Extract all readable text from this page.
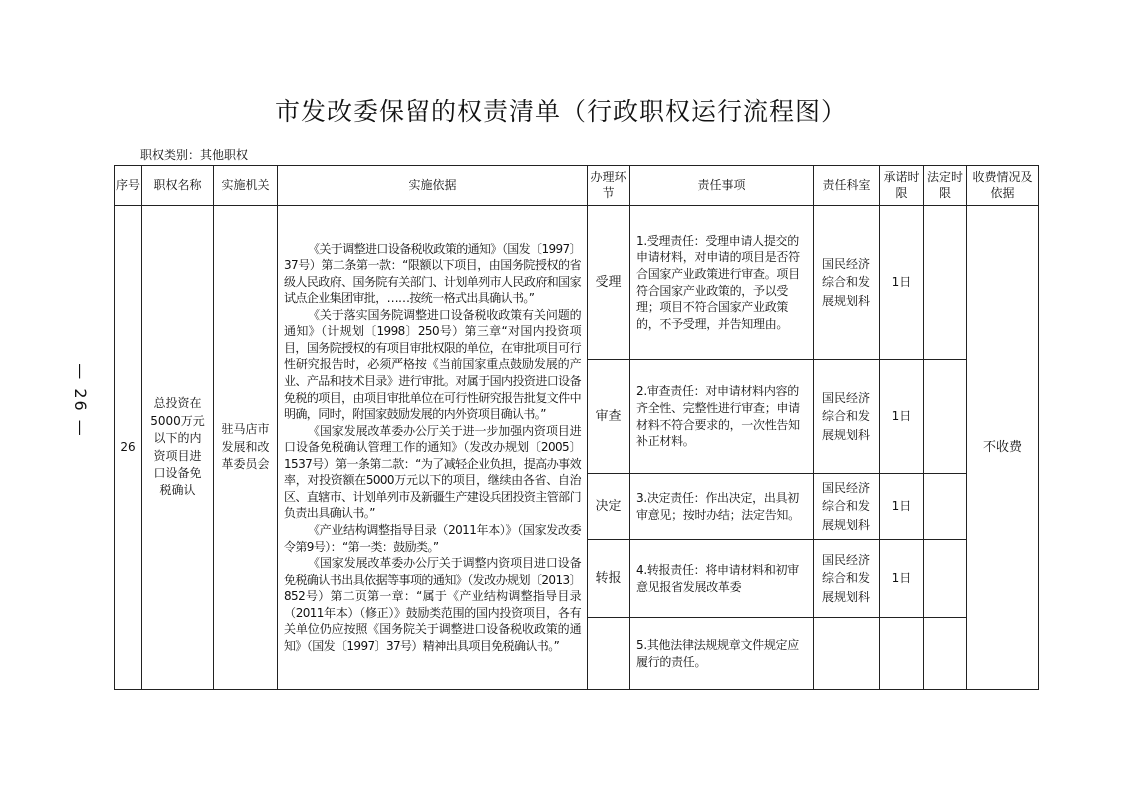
市发改委保留的权责清单（行政职权运行流程图）
职权类别：其他职权
— 26 —
序号	职权名称	实施机关	实施依据	办理环节	责任事项	责任科室	承诺时限	法定时限	收费情况及依据
26	总投资在5000万元以下的内资项目进口设备免税确认	驻马店市发展和改革委员会	《关于调整进口设备税收政策的通知》（国发〔1997〕37号）第二条第一款：“限额以下项目，由国务院授权的省级人民政府、国务院有关部门、计划单列市人民政府和国家试点企业集团审批，……按统一格式出具确认书。”
《关于落实国务院调整进口设备税收政策有关问题的通知》（计规划〔1998〕250号）第三章“对国内投资项目，国务院授权的有项目审批权限的单位，在审批项目可行性研究报告时，必须严格按《当前国家重点鼓励发展的产业、产品和技术目录》进行审批。对属于国内投资进口设备免税的项目，由项目审批单位在可行性研究报告批复文件中明确，同时，附国家鼓励发展的内外资项目确认书。”
《国家发展改革委办公厅关于进一步加强内资项目进口设备免税确认管理工作的通知》（发改办规划〔2005〕1537号）第一条第二款：“为了减轻企业负担，提高办事效率，对投资额在5000万元以下的项目，继续由各省、自治区、直辖市、计划单列市及新疆生产建设兵团投资主管部门负责出具确认书。”
《产业结构调整指导目录（2011年本）》（国家发改委令第9号）：“第一类：鼓励类。”
《国家发展改革委办公厅关于调整内资项目进口设备免税确认书出具依据等事项的通知》（发改办规划〔2013〕852号）第二页第一章：“属于《产业结构调整指导目录（2011年本）（修正）》鼓励类范围的国内投资项目，各有关单位仍应按照《国务院关于调整进口设备税收政策的通知》（国发〔1997〕37号）精神出具项目免税确认书。”	受理	1.受理责任：受理申请人提交的申请材料，对申请的项目是否符合国家产业政策进行审查。项目符合国家产业政策的，予以受理；项目不符合国家产业政策的，不予受理，并告知理由。	国民经济综合和发展规划科	1日		不收费
				审查	2.审查责任：对申请材料内容的齐全性、完整性进行审查；申请材料不符合要求的，一次性告知补正材料。	国民经济综合和发展规划科	1日		
				决定	3.决定责任：作出决定，出具初审意见；按时办结；法定告知。	国民经济综合和发展规划科	1日		
				转报	4.转报责任：将申请材料和初审意见报省发展改革委	国民经济综合和发展规划科	1日		
					5.其他法律法规规章文件规定应履行的责任。				
